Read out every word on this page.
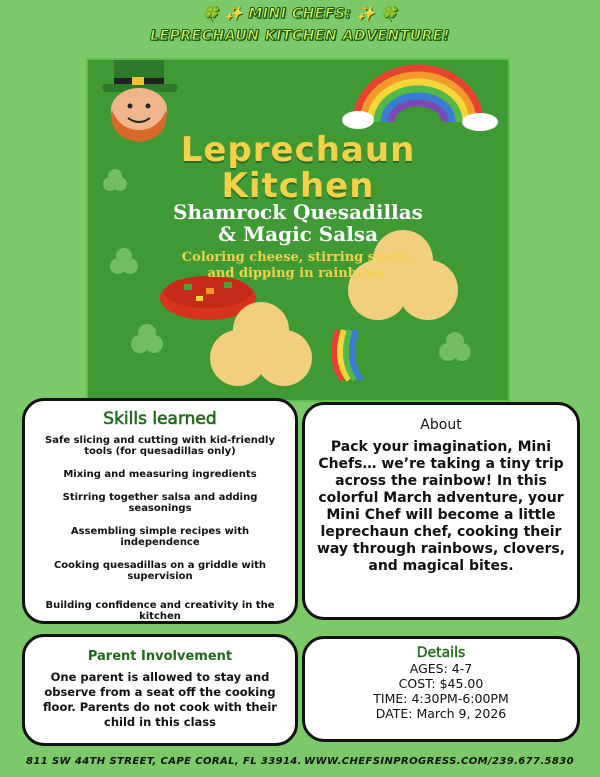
🍀 ✨ MINI CHEFS: ✨ 🍀
LEPRECHAUN KITCHEN ADVENTURE!
Leprechaun
Kitchen
Shamrock Quesadillas
& Magic Salsa
Coloring cheese, stirring spells,
and dipping in rainbows.
Skills learned
Safe slicing and cutting with kid-friendly tools (for quesadillas only)
Mixing and measuring ingredients
Stirring together salsa and adding seasonings
Assembling simple recipes with independence
Cooking quesadillas on a griddle with supervision
Building confidence and creativity in the kitchen
About
Pack your imagination, Mini Chefs… we’re taking a tiny trip across the rainbow! In this colorful March adventure, your Mini Chef will become a little leprechaun chef, cooking their way through rainbows, clovers, and magical bites.
Parent Involvement
One parent is allowed to stay and observe from a seat off the cooking floor. Parents do not cook with their child in this class
Details
AGES: 4-7
COST: $45.00
TIME: 4:30PM-6:00PM
DATE: March 9, 2026
811 SW 44TH STREET, CAPE CORAL, FL 33914. WWW.CHEFSINPROGRESS.COM/239.677.5830
